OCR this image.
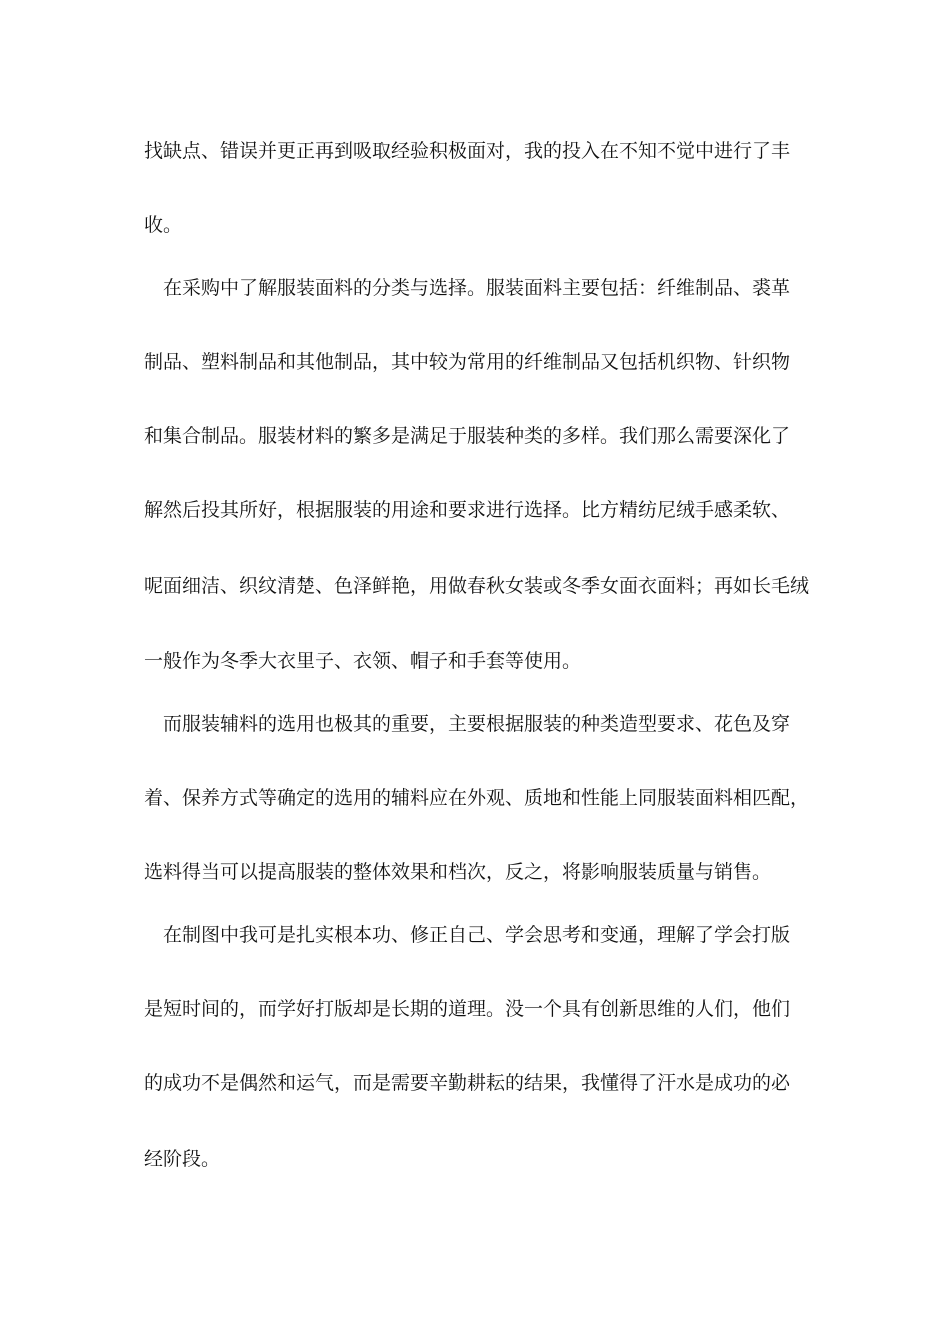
找缺点、错误并更正再到吸取经验积极面对，我的投入在不知不觉中进行了丰
收。
　在采购中了解服装面料的分类与选择。服装面料主要包括：纤维制品、裘革
制品、塑料制品和其他制品，其中较为常用的纤维制品又包括机织物、针织物
和集合制品。服装材料的繁多是满足于服装种类的多样。我们那么需要深化了
解然后投其所好，根据服装的用途和要求进行选择。比方精纺尼绒手感柔软、
呢面细洁、织纹清楚、色泽鲜艳，用做春秋女装或冬季女面衣面料；再如长毛绒
一般作为冬季大衣里子、衣领、帽子和手套等使用。
　而服装辅料的选用也极其的重要，主要根据服装的种类造型要求、花色及穿
着、保养方式等确定的选用的辅料应在外观、质地和性能上同服装面料相匹配，
选料得当可以提高服装的整体效果和档次，反之，将影响服装质量与销售。
　在制图中我可是扎实根本功、修正自己、学会思考和变通，理解了学会打版
是短时间的，而学好打版却是长期的道理。没一个具有创新思维的人们，他们
的成功不是偶然和运气，而是需要辛勤耕耘的结果，我懂得了汗水是成功的必
经阶段。
